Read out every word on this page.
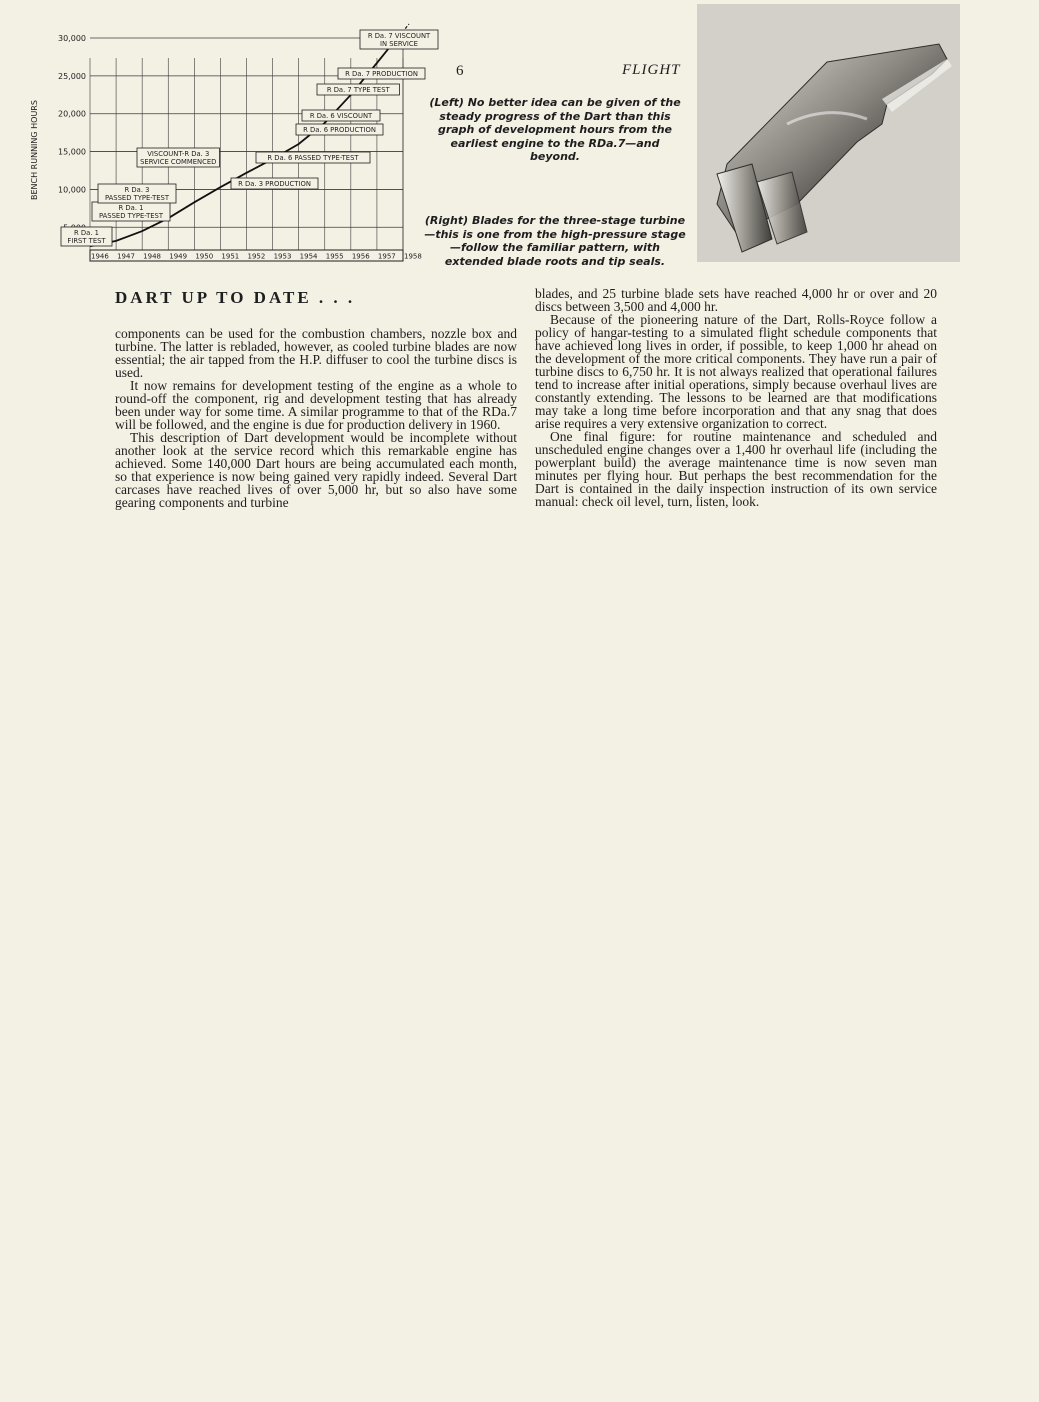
BENCH RUNNING HOURS 10,000
15,000
20,000
25,000
30,000
1946 1947 1948 1949 1950 1951 1952 1953 1954 1955 1956 1957 1958
R Da. 1
FIRST TEST
R Da. 1
PASSED TYPE-TEST
R Da. 3
PASSED TYPE-TEST
VISCOUNT-R Da. 3
SERVICE COMMENCED
R Da. 3 PRODUCTION
R Da. 6 PASSED TYPE-TEST
R Da. 6 PRODUCTION
R Da. 6 VISCOUNT
R Da. 7 TYPE TEST
R Da. 7 PRODUCTION
R Da. 7 VISCOUNT
IN SERVICE
6	FLIGHT

(Left) No better idea can be given of the steady progress of the Dart than this graph of development hours from the earliest engine to the RDa.7—and beyond.

(Right) Blades for the three-stage turbine —this is one from the high-pressure stage —follow the familiar pattern, with extended blade roots and tip seals.

DART UP TO DATE . . .

components can be used for the combustion chambers, nozzle box and turbine. The latter is rebladed, however, as cooled turbine blades are now essential; the air tapped from the H.P. diffuser to cool the turbine discs is used.

It now remains for development testing of the engine as a whole to round-off the component, rig and development testing that has already been under way for some time. A similar programme to that of the RDa.7 will be followed, and the engine is due for production delivery in 1960.

This description of Dart development would be incomplete without another look at the service record which this remarkable engine has achieved. Some 140,000 Dart hours are being accumulated each month, so that experience is now being gained very rapidly indeed. Several Dart carcases have reached lives of over 5,000 hr, but so also have some gearing components and turbine

blades, and 25 turbine blade sets have reached 4,000 hr or over and 20 discs between 3,500 and 4,000 hr.

Because of the pioneering nature of the Dart, Rolls-Royce follow a policy of hangar-testing to a simulated flight schedule components that have achieved long lives in order, if possible, to keep 1,000 hr ahead on the development of the more critical components. They have run a pair of turbine discs to 6,750 hr. It is not always realized that operational failures tend to increase after initial operations, simply because overhaul lives are constantly extending. The lessons to be learned are that modifications may take a long time before incorporation and that any snag that does arise requires a very extensive organization to correct.

One final figure: for routine maintenance and scheduled and unscheduled engine changes over a 1,400 hr overhaul life (including the powerplant build) the average maintenance time is now seven man minutes per flying hour. But perhaps the best recommendation for the Dart is contained in the daily inspection instruction of its own service manual: check oil level, turn, listen, look.
